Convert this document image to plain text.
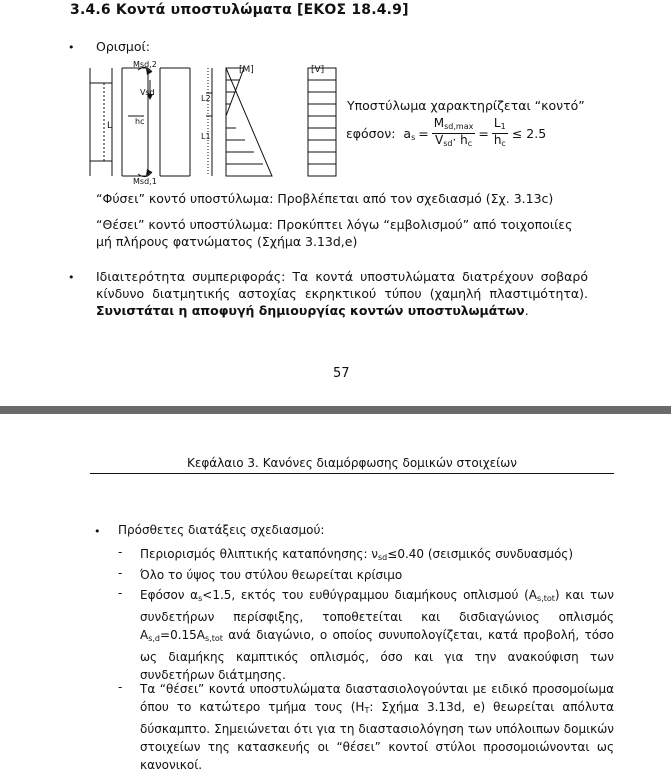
3.4.6 Κοντά υποστυλώματα [ΕΚΟΣ 18.4.9]
• Ορισμοί:
Msd,2
Vsd
L	hc
Msd,1
L2
L1
[M]	[V]
Υποστύλωμα χαρακτηρίζεται “κοντό”
εφόσον: $a_s = \frac{M_{sd,max}}{V_{sd}\cdot h_c} = \frac{L_1}{h_c} \le 2.5$
“Φύσει” κοντό υποστύλωμα: Προβλέπεται από τον σχεδιασμό (Σχ. 3.13c)
“Θέσει” κοντό υποστύλωμα: Προκύπτει λόγω “εμβολισμού” από τοιχοποιίες μή πλήρους φατνώματος (Σχήμα 3.13d,e)
• Ιδιαιτερότητα συμπεριφοράς: Τα κοντά υποστυλώματα διατρέχουν σοβαρό κίνδυνο διατμητικής αστοχίας εκρηκτικού τύπου (χαμηλή πλαστιμότητα). Συνιστάται η αποφυγή δημιουργίας κοντών υποστυλωμάτων.
57
Κεφάλαιο 3. Κανόνες διαμόρφωσης δομικών στοιχείων
• Πρόσθετες διατάξεις σχεδιασμού:
- Περιορισμός θλιπτικής καταπόνησης: $\nu_{sd}\le 0.40$ (σεισμικός συνδυασμός)
- Όλο το ύψος του στύλου θεωρείται κρίσιμο
- Εφόσον $\alpha_s<1.5$, εκτός του ευθύγραμμου διαμήκους οπλισμού $(A_{s,tot})$ και των συνδετήρων περίσφιξης, τοποθετείται και δισδιαγώνιος οπλισμός $A_{s,d}=0.15A_{s,tot}$ ανά διαγώνιο, ο οποίος συνυπολογίζεται, κατά προβολή, τόσο ως διαμήκης καμπτικός οπλισμός, όσο και για την ανακούφιση των συνδετήρων διάτμησης.
- Τα “θέσει” κοντά υποστυλώματα διαστασιολογούνται με ειδικό προσομοίωμα όπου το κατώτερο τμήμα τους ($H_T$: Σχήμα 3.13d, e) θεωρείται απόλυτα δύσκαμπτο. Σημειώνεται ότι για τη διαστασιολόγηση των υπόλοιπων δομικών στοιχείων της κατασκευής οι “θέσει” κοντοί στύλοι προσομοιώνονται ως κανονικοί.
